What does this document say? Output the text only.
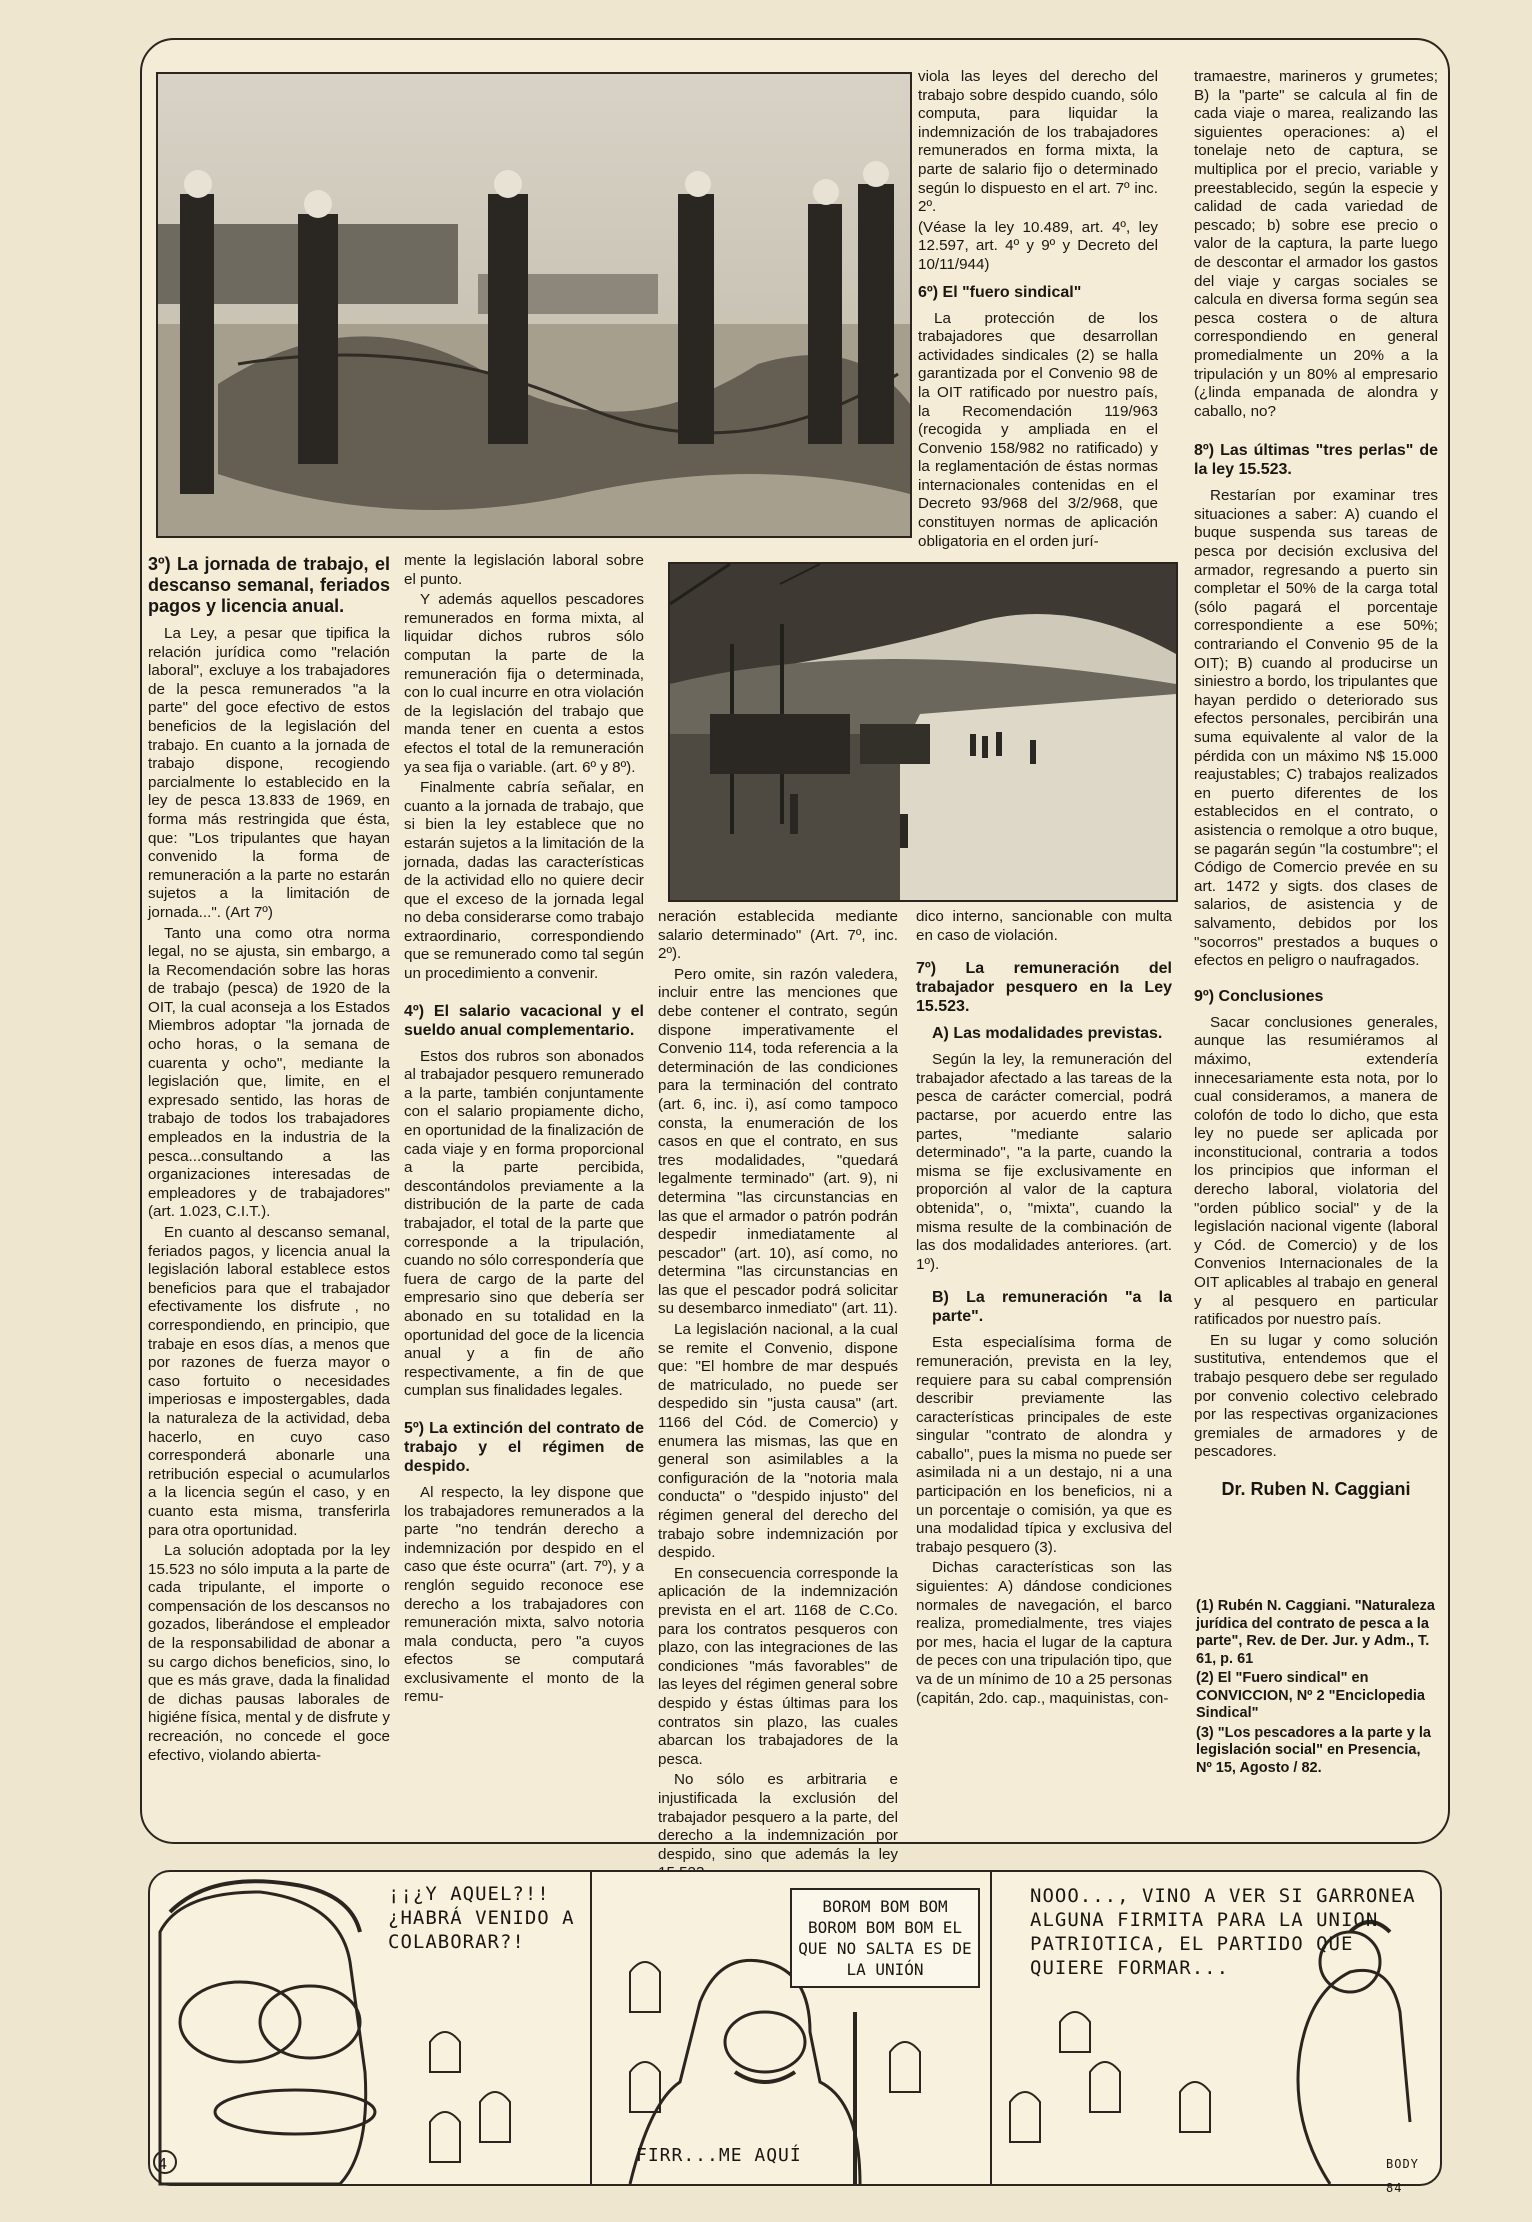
viola las leyes del derecho del trabajo sobre despido cuando, sólo computa, para liquidar la indemnización de los trabajadores remunerados en forma mixta, la parte de salario fijo o determinado según lo dispuesto en el art. 7º inc. 2º.

(Véase la ley 10.489, art. 4º, ley 12.597, art. 4º y 9º y Decreto del 10/11/944)

6º) El "fuero sindical"

La protección de los trabajadores que desarrollan actividades sindicales (2) se halla garantizada por el Convenio 98 de la OIT ratificado por nuestro país, la Recomendación 119/963 (recogida y ampliada en el Convenio 158/982 no ratificado) y la reglamentación de éstas normas internacionales contenidas en el Decreto 93/968 del 3/2/968, que constituyen normas de aplicación obligatoria en el orden jurí-

tramaestre, marineros y grumetes; B) la "parte" se calcula al fin de cada viaje o marea, realizando las siguientes operaciones: a) el tonelaje neto de captura, se multiplica por el precio, variable y preestablecido, según la especie y calidad de cada variedad de pescado; b) sobre ese precio o valor de la captura, la parte luego de descontar el armador los gastos del viaje y cargas sociales se calcula en diversa forma según sea pesca costera o de altura correspondiendo en general promedialmente un 20% a la tripulación y un 80% al empresario (¿linda empanada de alondra y caballo, no?

8º) Las últimas "tres perlas" de la ley 15.523.

Restarían por examinar tres situaciones a saber: A) cuando el buque suspenda sus tareas de pesca por decisión exclusiva del armador, regresando a puerto sin completar el 50% de la carga total (sólo pagará el porcentaje correspondiente a ese 50%; contrariando el Convenio 95 de la OIT); B) cuando al producirse un siniestro a bordo, los tripulantes que hayan perdido o deteriorado sus efectos personales, percibirán una suma equivalente al valor de la pérdida con un máximo N$ 15.000 reajustables; C) trabajos realizados en puerto diferentes de los establecidos en el contrato, o asistencia o remolque a otro buque, se pagarán según "la costumbre"; el Código de Comercio prevée en su art. 1472 y sigts. dos clases de salarios, de asistencia y de salvamento, debidos por los "socorros" prestados a buques o efectos en peligro o naufragados.

9º) Conclusiones

Sacar conclusiones generales, aunque las resumiéramos al máximo, extendería innecesariamente esta nota, por lo cual consideramos, a manera de colofón de todo lo dicho, que esta ley no puede ser aplicada por inconstitucional, contraria a todos los principios que informan el derecho laboral, violatoria del "orden público social" y de la legislación nacional vigente (laboral y Cód. de Comercio) y de los Convenios Internacionales de la OIT aplicables al trabajo en general y al pesquero en particular ratificados por nuestro país.

En su lugar y como solución sustitutiva, entendemos que el trabajo pesquero debe ser regulado por convenio colectivo celebrado por las respectivas organizaciones gremiales de armadores y de pescadores.

Dr. Ruben N. Caggiani
3º) La jornada de trabajo, el descanso semanal, feriados pagos y licencia anual.

La Ley, a pesar que tipifica la relación jurídica como "relación laboral", excluye a los trabajadores de la pesca remunerados "a la parte" del goce efectivo de estos beneficios de la legislación del trabajo. En cuanto a la jornada de trabajo dispone, recogiendo parcialmente lo establecido en la ley de pesca 13.833 de 1969, en forma más restringida que ésta, que: "Los tripulantes que hayan convenido la forma de remuneración a la parte no estarán sujetos a la limitación de jornada...". (Art 7º)

Tanto una como otra norma legal, no se ajusta, sin embargo, a la Recomendación sobre las horas de trabajo (pesca) de 1920 de la OIT, la cual aconseja a los Estados Miembros adoptar "la jornada de ocho horas, o la semana de cuarenta y ocho", mediante la legislación que, limite, en el expresado sentido, las horas de trabajo de todos los trabajadores empleados en la industria de la pesca...consultando a las organizaciones interesadas de empleadores y de trabajadores" (art. 1.023, C.I.T.).

En cuanto al descanso semanal, feriados pagos, y licencia anual la legislación laboral establece estos beneficios para que el trabajador efectivamente los disfrute , no correspondiendo, en principio, que trabaje en esos días, a menos que por razones de fuerza mayor o caso fortuito o necesidades imperiosas e impostergables, dada la naturaleza de la actividad, deba hacerlo, en cuyo caso corresponderá abonarle una retribución especial o acumularlos a la licencia según el caso, y en cuanto esta misma, transferirla para otra oportunidad.

La solución adoptada por la ley 15.523 no sólo imputa a la parte de cada tripulante, el importe o compensación de los descansos no gozados, liberándose el empleador de la responsabilidad de abonar a su cargo dichos beneficios, sino, lo que es más grave, dada la finalidad de dichas pausas laborales de higiéne física, mental y de disfrute y recreación, no concede el goce efectivo, violando abierta-

mente la legislación laboral sobre el punto.

Y además aquellos pescadores remunerados en forma mixta, al liquidar dichos rubros sólo computan la parte de la remuneración fija o determinada, con lo cual incurre en otra violación de la legislación del trabajo que manda tener en cuenta a estos efectos el total de la remuneración ya sea fija o variable. (art. 6º y 8º).

Finalmente cabría señalar, en cuanto a la jornada de trabajo, que si bien la ley establece que no estarán sujetos a la limitación de la jornada, dadas las características de la actividad ello no quiere decir que el exceso de la jornada legal no deba considerarse como trabajo extraordinario, correspondiendo que se remunerado como tal según un procedimiento a convenir.

4º) El salario vacacional y el sueldo anual complementario.

Estos dos rubros son abonados al trabajador pesquero remunerado a la parte, también conjuntamente con el salario propiamente dicho, en oportunidad de la finalización de cada viaje y en forma proporcional a la parte percibida, descontándolos previamente a la distribución de la parte de cada trabajador, el total de la parte que corresponde a la tripulación, cuando no sólo correspondería que fuera de cargo de la parte del empresario sino que debería ser abonado en su totalidad en la oportunidad del goce de la licencia anual y a fin de año respectivamente, a fin de que cumplan sus finalidades legales.

5º) La extinción del contrato de trabajo y el régimen de despido.

Al respecto, la ley dispone que los trabajadores remunerados a la parte "no tendrán derecho a indemnización por despido en el caso que éste ocurra" (art. 7º), y a renglón seguido reconoce ese derecho a los trabajadores con remuneración mixta, salvo notoria mala conducta, pero "a cuyos efectos se computará exclusivamente el monto de la remu-

neración establecida mediante salario determinado" (Art. 7º, inc. 2º).

Pero omite, sin razón valedera, incluir entre las menciones que debe contener el contrato, según dispone imperativamente el Convenio 114, toda referencia a la determinación de las condiciones para la terminación del contrato (art. 6, inc. i), así como tampoco consta, la enumeración de los casos en que el contrato, en sus tres modalidades, "quedará legalmente terminado" (art. 9), ni determina "las circunstancias en las que el armador o patrón podrán despedir inmediatamente al pescador" (art. 10), así como, no determina "las circunstancias en las que el pescador podrá solicitar su desembarco inmediato" (art. 11).

La legislación nacional, a la cual se remite el Convenio, dispone que: "El hombre de mar después de matriculado, no puede ser despedido sin "justa causa" (art. 1166 del Cód. de Comercio) y enumera las mismas, las que en general son asimilables a la configuración de la "notoria mala conducta" o "despido injusto" del régimen general del derecho del trabajo sobre indemnización por despido.

En consecuencia corresponde la aplicación de la indemnización prevista en el art. 1168 de C.Co. para los contratos pesqueros con plazo, con las integraciones de las condiciones "más favorables" de las leyes del régimen general sobre despido y éstas últimas para los contratos sin plazo, las cuales abarcan los trabajadores de la pesca.

No sólo es arbitraria e injustificada la exclusión del trabajador pesquero a la parte, del derecho a la indemnización por despido, sino que además la ley

dico interno, sancionable con multa en caso de violación.

7º) La remuneración del trabajador pesquero en la Ley 15.523.
A) Las modalidades previstas.

Según la ley, la remuneración del trabajador afectado a las tareas de la pesca de carácter comercial, podrá pactarse, por acuerdo entre las partes, "mediante salario determinado", "a la parte, cuando la misma se fije exclusivamente en proporción al valor de la captura obtenida", o, "mixta", cuando la misma resulte de la combinación de las dos modalidades anteriores. (art. 1º).

B) La remuneración "a la parte".

Esta especialísima forma de remuneración, prevista en la ley, requiere para su cabal comprensión describir previamente las características principales de este singular "contrato de alondra y caballo", pues la misma no puede ser asimilada ni a un destajo, ni a una participación en los beneficios, ni a un porcentaje o comisión, ya que es una modalidad típica y exclusiva del trabajo pesquero (3).

Dichas características son las siguientes: A) dándose condiciones normales de navegación, el barco realiza, promedialmente, tres viajes por mes, hacia el lugar de la captura de peces con una tripulación tipo, que va de un mínimo de 10 a 25 personas (capitán, 2do. cap., maquinistas, con-

(1) Rubén N. Caggiani. "Naturaleza jurídica del contrato de pesca a la parte", Rev. de Der. Jur. y Adm., T. 61, p. 61
(2) El "Fuero sindical" en CONVICCION, Nº 2 "Enciclopedia Sindical"
(3) "Los pescadores a la parte y la legislación social" en Presencia, Nº 15, Agosto / 82.
¡¡¿Y AQUEL?!! ¿HABRÁ VENIDO A COLABORAR?!
4
BOROM BOM BOM BOROM BOM BOM EL QUE NO SALTA ES DE LA UNIÓN
FIRR...ME AQUÍ
NOOO..., VINO A VER SI GARRONEA ALGUNA FIRMITA PARA LA UNION PATRIOTICA, EL PARTIDO QUE QUIERE FORMAR...
BODY 84
